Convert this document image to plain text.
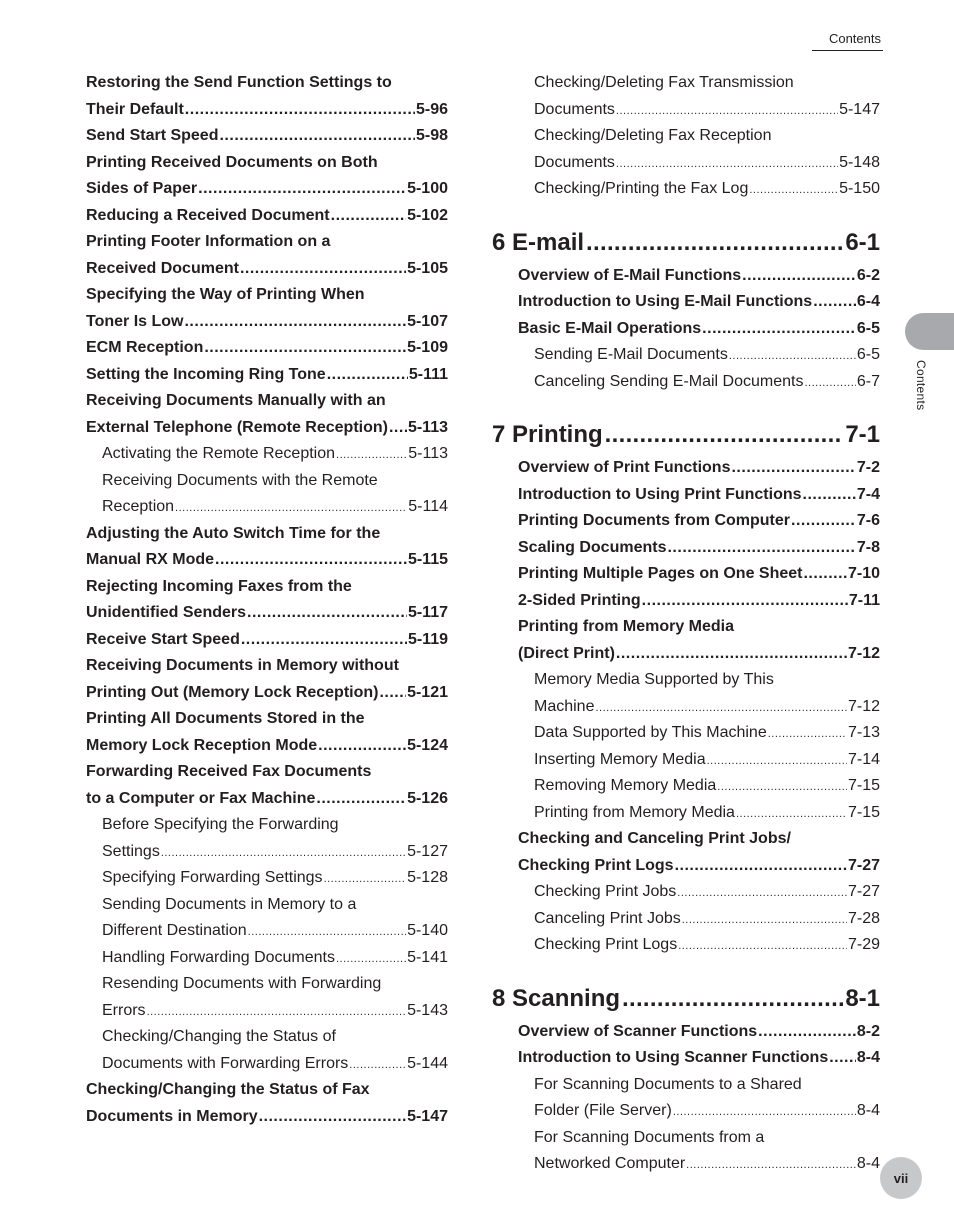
Contents
Contents
Restoring the Send Function Settings to
Their Default .....	5-96
Send Start Speed .....	5-98
Printing Received Documents on Both
Sides of Paper .....	5-100
Reducing a Received Document .....	5-102
Printing Footer Information on a
Received Document .....	5-105
Specifying the Way of Printing When
Toner Is Low .....	5-107
ECM Reception .....	5-109
Setting the Incoming Ring Tone .....	5-111
Receiving Documents Manually with an
External Telephone (Remote Reception) ..... 5-113
Activating the Remote Reception .....	5-113
Receiving Documents with the Remote
Reception .....	5-114
Adjusting the Auto Switch Time for the
Manual RX Mode .....	5-115
Rejecting Incoming Faxes from the
Unidentified Senders .....	5-117
Receive Start Speed .....	5-119
Receiving Documents in Memory without
Printing Out (Memory Lock Reception) ..... 5-121
Printing All Documents Stored in the
Memory Lock Reception Mode .....	5-124
Forwarding Received Fax Documents
to a Computer or Fax Machine .....	5-126
Before Specifying the Forwarding
Settings .....	5-127
Specifying Forwarding Settings .....	5-128
Sending Documents in Memory to a
Different Destination .....	5-140
Handling Forwarding Documents .....	5-141
Resending Documents with Forwarding
Errors .....	5-143
Checking/Changing the Status of
Documents with Forwarding Errors .....	5-144
Checking/Changing the Status of Fax
Documents in Memory .....	5-147
Checking/Deleting Fax Transmission
Documents .....	5-147
Checking/Deleting Fax Reception
Documents .....	5-148
Checking/Printing the Fax Log .....	5-150
6 E-mail .....	6-1
Overview of E-Mail Functions .....	6-2
Introduction to Using E-Mail Functions .....	6-4
Basic E-Mail Operations .....	6-5
Sending E-Mail Documents .....	6-5
Canceling Sending E-Mail Documents .....	6-7
7 Printing .....	7-1
Overview of Print Functions .....	7-2
Introduction to Using Print Functions .....	7-4
Printing Documents from Computer .....	7-6
Scaling Documents .....	7-8
Printing Multiple Pages on One Sheet .....	7-10
2-Sided Printing .....	7-11
Printing from Memory Media
(Direct Print) .....	7-12
Memory Media Supported by This
Machine .....	7-12
Data Supported by This Machine .....	7-13
Inserting Memory Media .....	7-14
Removing Memory Media .....	7-15
Printing from Memory Media .....	7-15
Checking and Canceling Print Jobs/
Checking Print Logs .....	7-27
Checking Print Jobs .....	7-27
Canceling Print Jobs .....	7-28
Checking Print Logs .....	7-29
8 Scanning .....	8-1
Overview of Scanner Functions .....	8-2
Introduction to Using Scanner Functions ..... 8-4
For Scanning Documents to a Shared
Folder (File Server) .....	8-4
For Scanning Documents from a
Networked Computer .....	8-4
vii
